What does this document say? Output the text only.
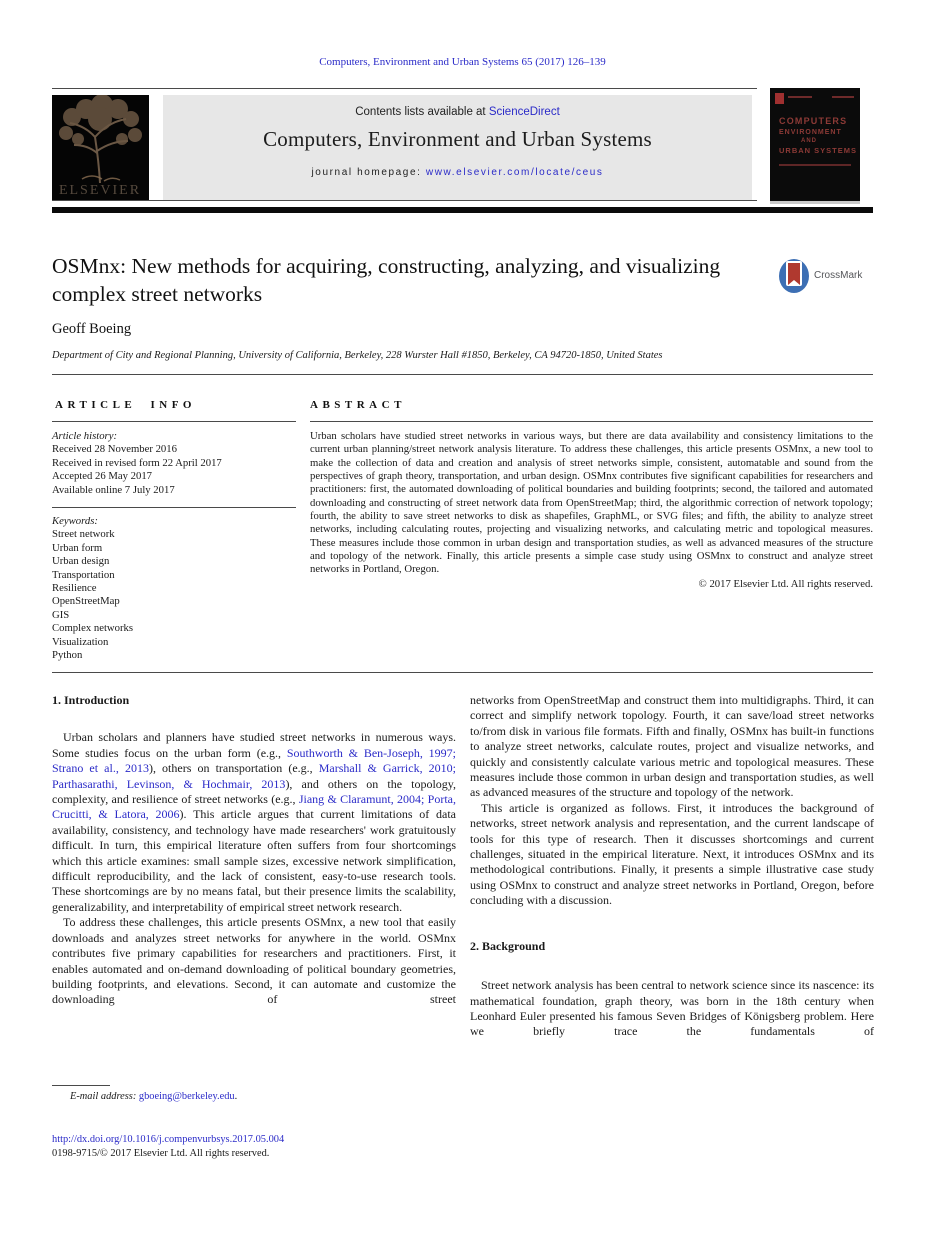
Computers, Environment and Urban Systems 65 (2017) 126–139
ELSEVIER
Contents lists available at ScienceDirect
Computers, Environment and Urban Systems
journal homepage: www.elsevier.com/locate/ceus
COMPUTERS
ENVIRONMENT
AND
URBAN SYSTEMS
OSMnx: New methods for acquiring, constructing, analyzing, and visualizing complex street networks
CrossMark
Geoff Boeing
Department of City and Regional Planning, University of California, Berkeley, 228 Wurster Hall #1850, Berkeley, CA 94720-1850, United States
ARTICLE INFO
Article history:
Received 28 November 2016
Received in revised form 22 April 2017
Accepted 26 May 2017
Available online 7 July 2017
Keywords:
Street network
Urban form
Urban design
Transportation
Resilience
OpenStreetMap
GIS
Complex networks
Visualization
Python
ABSTRACT
Urban scholars have studied street networks in various ways, but there are data availability and consistency limitations to the current urban planning/street network analysis literature. To address these challenges, this article presents OSMnx, a new tool to make the collection of data and creation and analysis of street networks simple, consistent, automatable and sound from the perspectives of graph theory, transportation, and urban design. OSMnx contributes five significant capabilities for researchers and practitioners: first, the automated downloading of political boundaries and building footprints; second, the tailored and automated downloading and constructing of street network data from OpenStreetMap; third, the algorithmic correction of network topology; fourth, the ability to save street networks to disk as shapefiles, GraphML, or SVG files; and fifth, the ability to analyze street networks, including calculating routes, projecting and visualizing networks, and calculating metric and topological measures. These measures include those common in urban design and transportation studies, as well as advanced measures of the structure and topology of the network. Finally, this article presents a simple case study using OSMnx to construct and analyze street networks in Portland, Oregon.
© 2017 Elsevier Ltd. All rights reserved.
1. Introduction

Urban scholars and planners have studied street networks in numerous ways. Some studies focus on the urban form (e.g., Southworth & Ben-Joseph, 1997; Strano et al., 2013), others on transportation (e.g., Marshall & Garrick, 2010; Parthasarathi, Levinson, & Hochmair, 2013), and others on the topology, complexity, and resilience of street networks (e.g., Jiang & Claramunt, 2004; Porta, Crucitti, & Latora, 2006). This article argues that current limitations of data availability, consistency, and technology have made researchers' work gratuitously difficult. In turn, this empirical literature often suffers from four shortcomings which this article examines: small sample sizes, excessive network simplification, difficult reproducibility, and the lack of consistent, easy-to-use research tools. These shortcomings are by no means fatal, but their presence limits the scalability, generalizability, and interpretability of empirical street network research.

To address these challenges, this article presents OSMnx, a new tool that easily downloads and analyzes street networks for anywhere in the world. OSMnx contributes five primary capabilities for researchers and practitioners. First, it enables automated and on-demand downloading of political boundary geometries, building footprints, and elevations. Second, it can automate and customize the downloading of street

networks from OpenStreetMap and construct them into multidigraphs. Third, it can correct and simplify network topology. Fourth, it can save/load street networks to/from disk in various file formats. Fifth and finally, OSMnx has built-in functions to analyze street networks, calculate routes, project and visualize networks, and quickly and consistently calculate various metric and topological measures. These measures include those common in urban design and transportation studies, as well as advanced measures of the structure and topology of the network.

This article is organized as follows. First, it introduces the background of networks, street network analysis and representation, and the current landscape of tools for this type of research. Then it discusses shortcomings and current challenges, situated in the empirical literature. Next, it introduces OSMnx and its methodological contributions. Finally, it presents a simple illustrative case study using OSMnx to construct and analyze street networks in Portland, Oregon, before concluding with a discussion.

2. Background

Street network analysis has been central to network science since its nascence: its mathematical foundation, graph theory, was born in the 18th century when Leonhard Euler presented his famous Seven Bridges of Königsberg problem. Here we briefly trace the fundamentals of

E-mail address: gboeing@berkeley.edu.
http://dx.doi.org/10.1016/j.compenvurbsys.2017.05.004
0198-9715/© 2017 Elsevier Ltd. All rights reserved.
